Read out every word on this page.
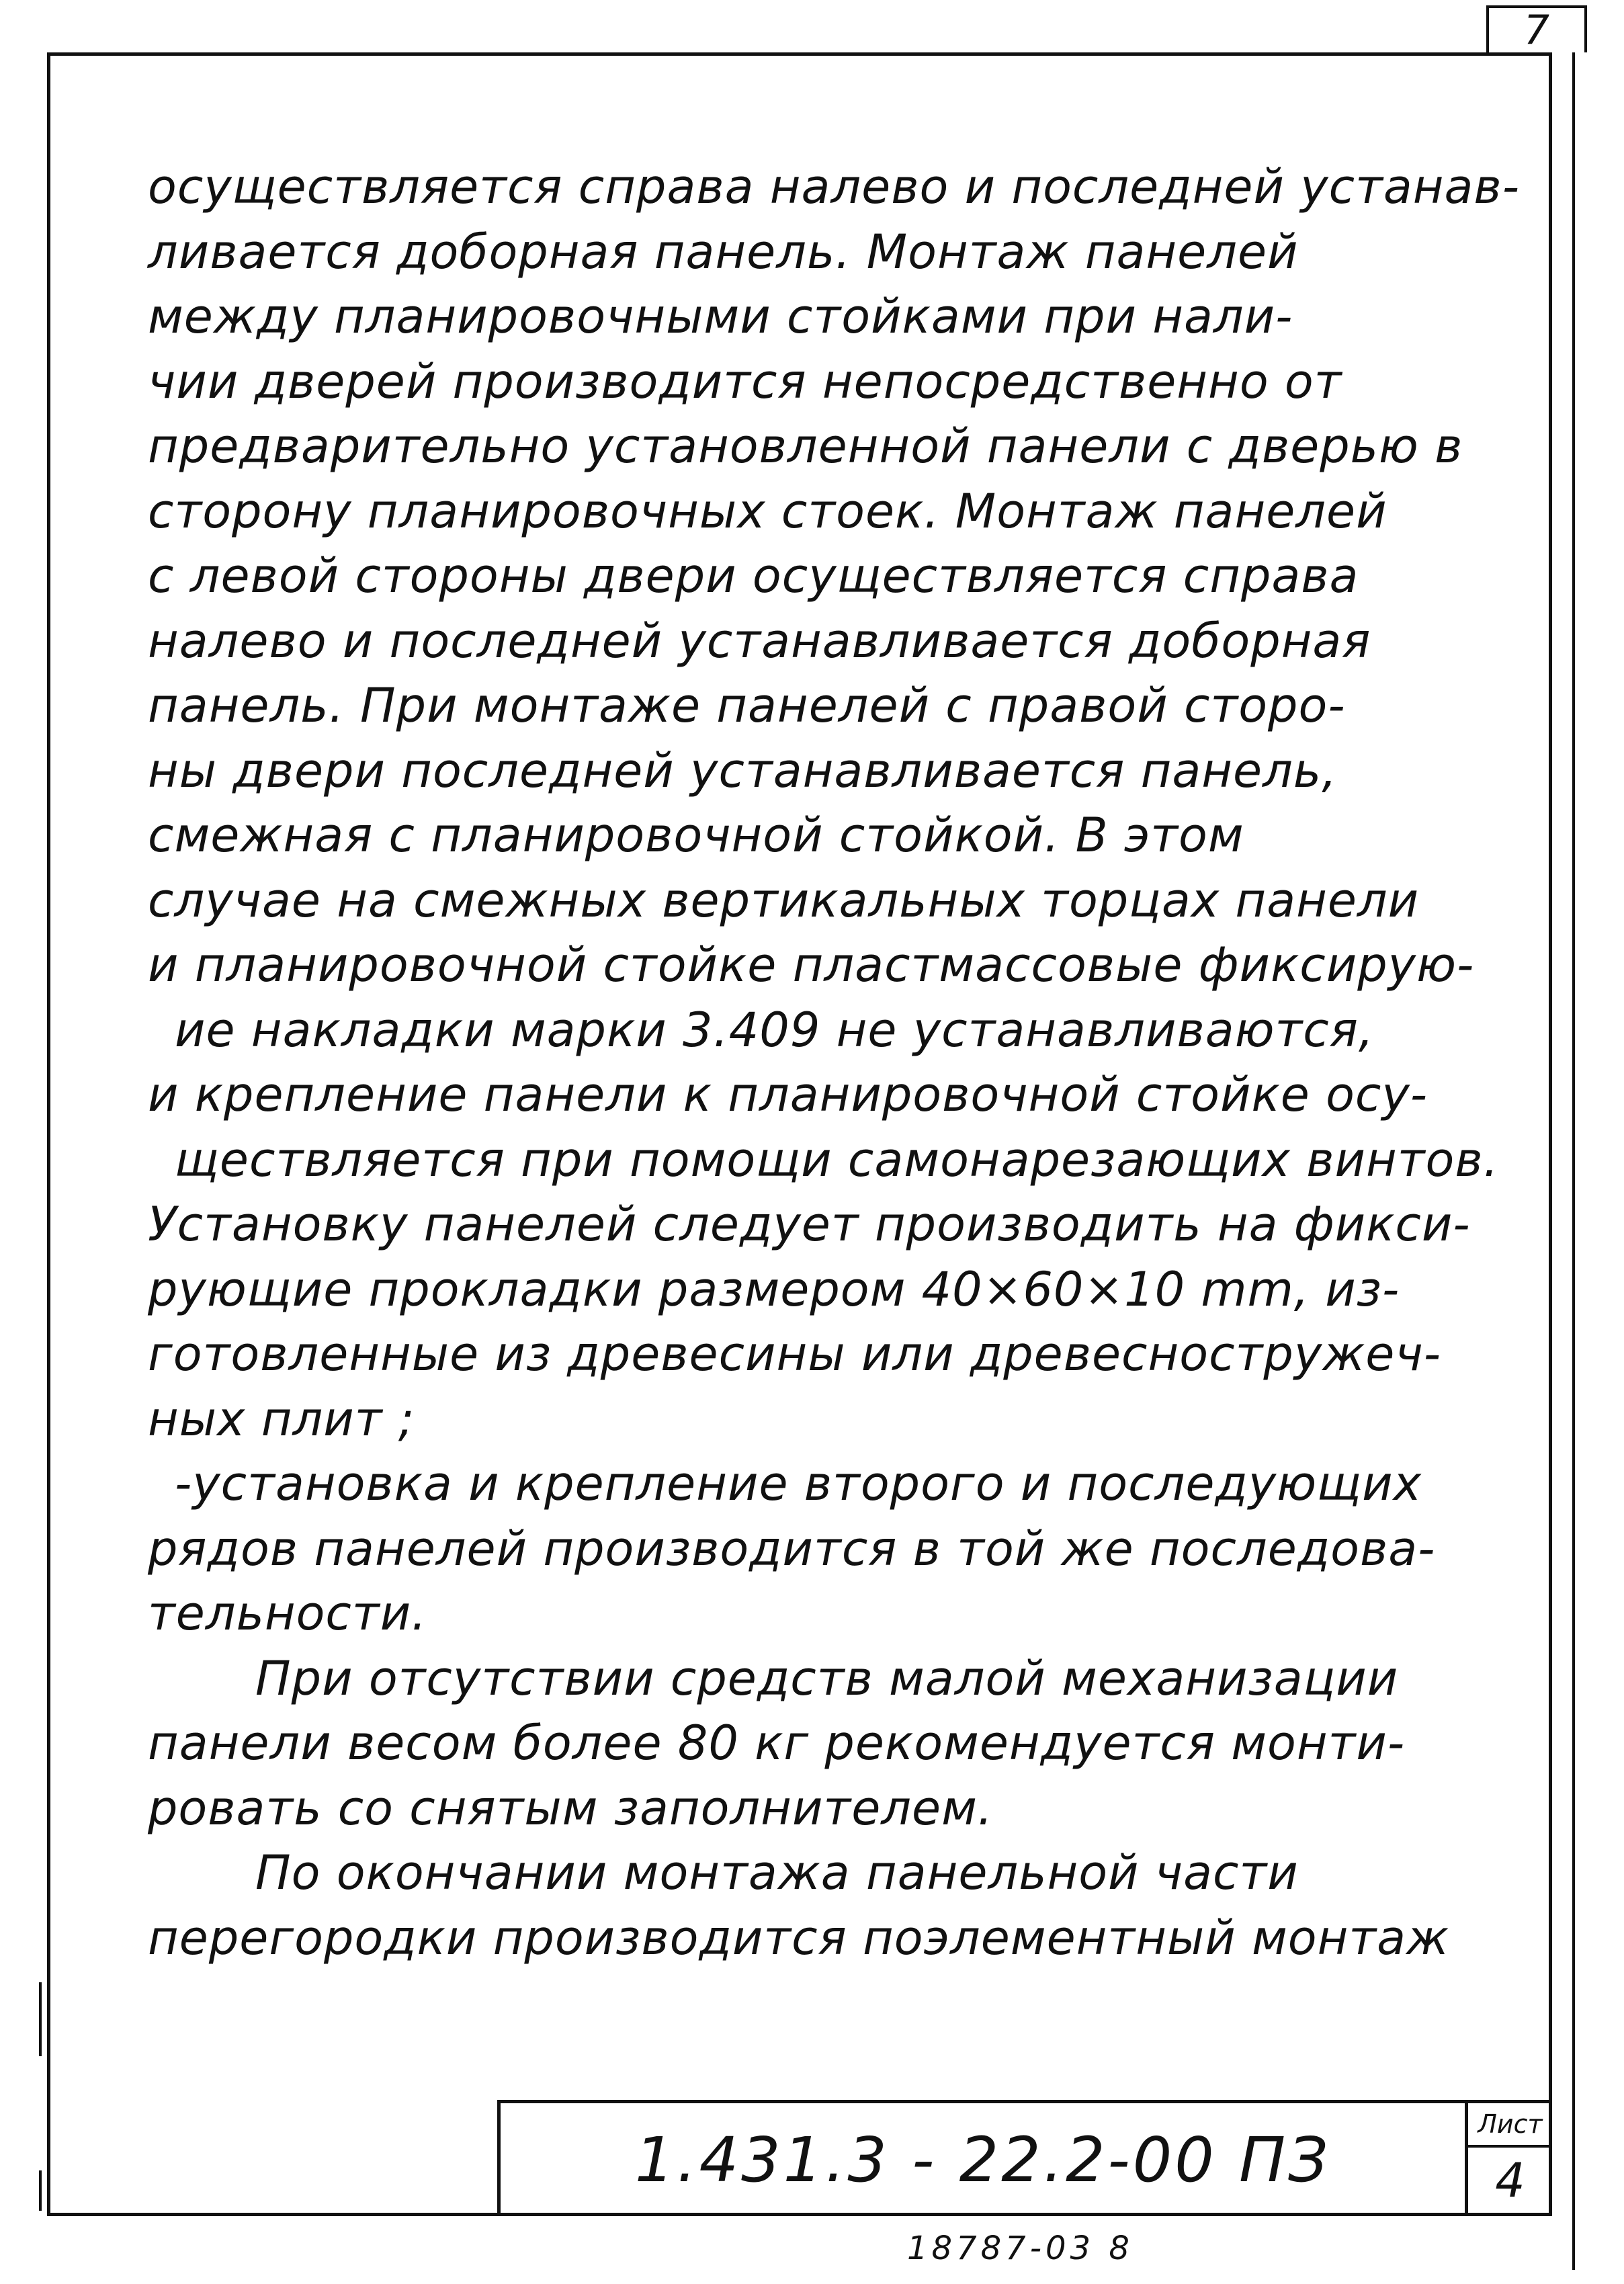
7
осуществляется справа налево и последней устанав-
ливается доборная панель. Монтаж панелей
между планировочными стойками при нали-
чии дверей производится непосредственно от
предварительно установленной панели с дверью в
сторону планировочных стоек. Монтаж панелей
с левой стороны двери осуществляется справа
налево и последней устанавливается доборная
панель. При монтаже панелей с правой сторо-
ны двери последней устанавливается панель,
смежная с планировочной стойкой. В этом
случае на смежных вертикальных торцах панели
и планировочной стойке пластмассовые фиксирую-
ие накладки марки 3.409 не устанавливаются,
и крепление панели к планировочной стойке осу-
ществляется при помощи самонарезающих винтов.
Установку панелей следует производить на фикси-
рующие прокладки размером 40×60×10 mm, из-
готовленные из древесины или древесностружеч-
ных плит ;
-установка и крепление второго и последующих
рядов панелей производится в той же последова-
тельности.
При отсутствии средств малой механизации
панели весом более 80 кг рекомендуется монти-
ровать со снятым заполнителем.
По окончании монтажа панельной части
перегородки производится поэлементный монтаж
1.431.3 - 22.2-00 ПЗ	Лист
4
18787-03 8
